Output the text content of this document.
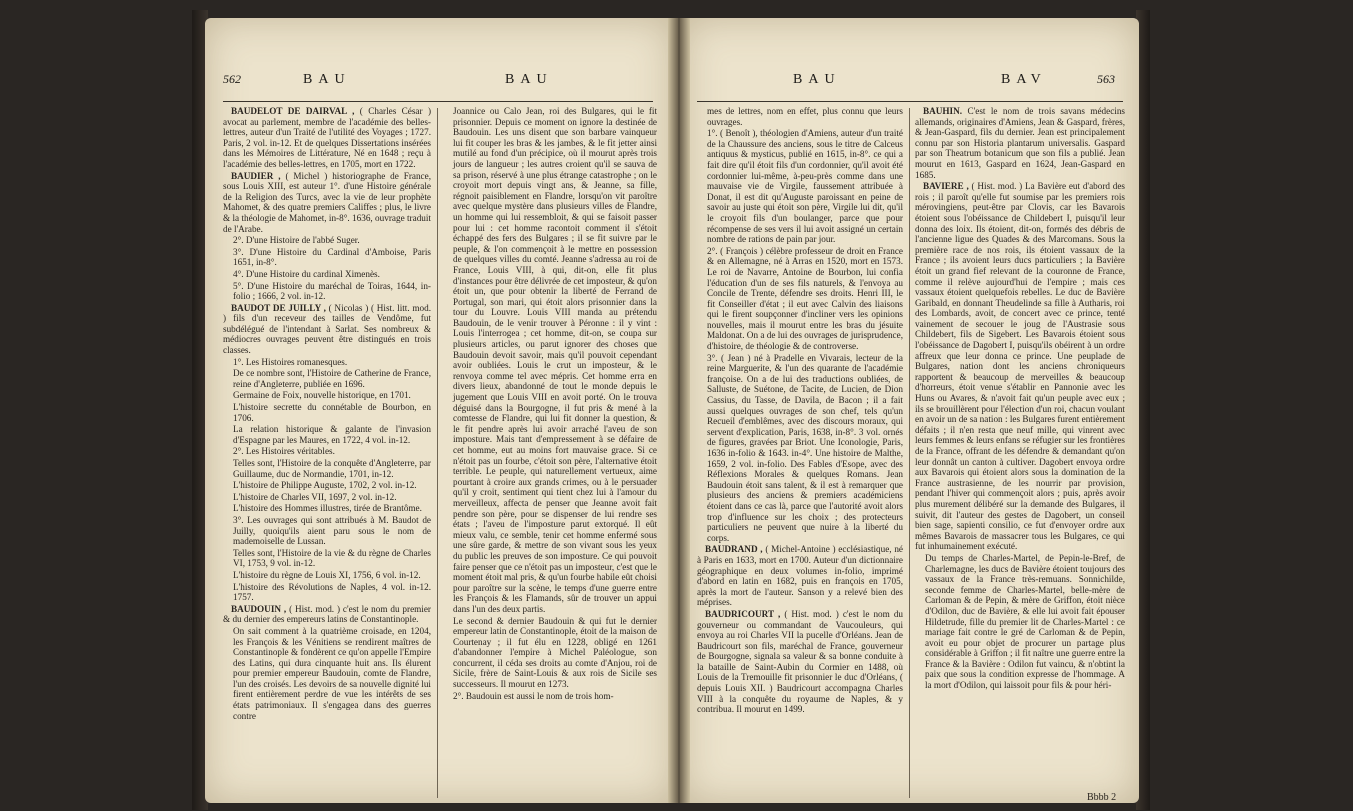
562	BAU	BAU

BAUDELOT DE DAIRVAL , ( Charles César ) avocat au parlement, membre de l'académie des belles-lettres, auteur d'un Traité de l'utilité des Voyages ; 1727. Paris, 2 vol. in-12. Et de quelques Dissertations insérées dans les Mémoires de Littérature, Né en 1648 ; reçu à l'académie des belles-lettres, en 1705, mort en 1722.

BAUDIER , ( Michel ) historiographe de France, sous Louis XIII, est auteur 1°. d'une Histoire générale de la Religion des Turcs, avec la vie de leur prophète Mahomet, & des quatre premiers Califfes ; plus, le livre & la théologie de Mahomet, in-8°. 1636, ouvrage traduit de l'Arabe.

2°. D'une Histoire de l'abbé Suger.

3°. D'une Histoire du Cardinal d'Amboise, Paris 1651, in-8°.

4°. D'une Histoire du cardinal Ximenès.

5°. D'une Histoire du maréchal de Toiras, 1644, in-folio ; 1666, 2 vol. in-12.

BAUDOT DE JUILLY , ( Nicolas ) ( Hist. litt. mod. ) fils d'un receveur des tailles de Vendôme, fut subdélégué de l'intendant à Sarlat. Ses nombreux & médiocres ouvrages peuvent être distingués en trois classes.

1°. Les Histoires romanesques.

De ce nombre sont, l'Histoire de Catherine de France, reine d'Angleterre, publiée en 1696.

Germaine de Foix, nouvelle historique, en 1701.

L'histoire secrette du connétable de Bourbon, en 1706.

La relation historique & galante de l'invasion d'Espagne par les Maures, en 1722, 4 vol. in-12.

2°. Les Histoires véritables.

Telles sont, l'Histoire de la conquête d'Angleterre, par Guillaume, duc de Normandie, 1701, in-12.

L'histoire de Philippe Auguste, 1702, 2 vol. in-12.

L'histoire de Charles VII, 1697, 2 vol. in-12.

L'histoire des Hommes illustres, tirée de Brantôme.

3°. Les ouvrages qui sont attribués à M. Baudot de Juilly, quoiqu'ils aient paru sous le nom de mademoiselle de Lussan.

Telles sont, l'Histoire de la vie & du règne de Charles VI, 1753, 9 vol. in-12.

L'histoire du règne de Louis XI, 1756, 6 vol. in-12.

L'histoire des Révolutions de Naples, 4 vol. in-12. 1757.

BAUDOUIN , ( Hist. mod. ) c'est le nom du premier & du dernier des empereurs latins de Constantinople.

On sait comment à la quatrième croisade, en 1204, les François & les Vénitiens se rendirent maîtres de Constantinople & fondèrent ce qu'on appelle l'Empire des Latins, qui dura cinquante huit ans. Ils élurent pour premier empereur Baudouin, comte de Flandre, l'un des croisés. Les devoirs de sa nouvelle dignité lui firent entièrement perdre de vue les intérêts de ses états patrimoniaux. Il s'engagea dans des guerres contre

Joannice ou Calo Jean, roi des Bulgares, qui le fit prisonnier. Depuis ce moment on ignore la destinée de Baudouin. Les uns disent que son barbare vainqueur lui fit couper les bras & les jambes, & le fit jetter ainsi mutilé au fond d'un précipice, où il mourut après trois jours de langueur ; les autres croient qu'il se sauva de sa prison, réservé à une plus étrange catastrophe ; on le croyoit mort depuis vingt ans, & Jeanne, sa fille, régnoit paisiblement en Flandre, lorsqu'on vit paroître avec quelque mystère dans plusieurs villes de Flandre, un homme qui lui ressembloit, & qui se faisoit passer pour lui : cet homme racontoit comment il s'étoit échappé des fers des Bulgares ; il se fit suivre par le peuple, & l'on commençoit à le mettre en possession de quelques villes du comté. Jeanne s'adressa au roi de France, Louis VIII, à qui, dit-on, elle fit plus d'instances pour être délivrée de cet imposteur, & qu'on étoit un, que pour obtenir la liberté de Ferrand de Portugal, son mari, qui étoit alors prisonnier dans la tour du Louvre. Louis VIII manda au prétendu Baudouin, de le venir trouver à Péronne : il y vint : Louis l'interrogea ; cet homme, dit-on, se coupa sur plusieurs articles, ou parut ignorer des choses que Baudouin devoit savoir, mais qu'il pouvoit cependant avoir oubliées. Louis le crut un imposteur, & le renvoya comme tel avec mépris. Cet homme erra en divers lieux, abandonné de tout le monde depuis le jugement que Louis VIII en avoit porté. On le trouva déguisé dans la Bourgogne, il fut pris & mené à la comtesse de Flandre, qui lui fit donner la question, & le fit pendre après lui avoir arraché l'aveu de son imposture. Mais tant d'empressement à se défaire de cet homme, eut au moins fort mauvaise grace. Si ce n'étoit pas un fourbe, c'étoit son père, l'alternative étoit terrible. Le peuple, qui naturellement vertueux, aime pourtant à croire aux grands crimes, ou à le persuader qu'il y croit, sentiment qui tient chez lui à l'amour du merveilleux, affecta de penser que Jeanne avoit fait pendre son père, pour se dispenser de lui rendre ses états ; l'aveu de l'imposture parut extorqué. Il eût mieux valu, ce semble, tenir cet homme enfermé sous une sûre garde, & mettre de son vivant sous les yeux du public les preuves de son imposture. Ce qui pouvoit faire penser que ce n'étoit pas un imposteur, c'est que le moment étoit mal pris, & qu'un fourbe habile eût choisi pour paroître sur la scène, le temps d'une guerre entre les François & les Flamands, sûr de trouver un appui dans l'un des deux partis.

Le second & dernier Baudouin & qui fut le dernier empereur latin de Constantinople, étoit de la maison de Courtenay ; il fut élu en 1228, obligé en 1261 d'abandonner l'empire à Michel Paléologue, son concurrent, il céda ses droits au comte d'Anjou, roi de Sicile, frère de Saint-Louis & aux rois de Sicile ses successeurs. Il mourut en 1273.

2°. Baudouin est aussi le nom de trois hom-

BAU	BAV	563

mes de lettres, nom en effet, plus connu que leurs ouvrages.

1°. ( Benoît ), théologien d'Amiens, auteur d'un traité de la Chaussure des anciens, sous le titre de Calceus antiquus & mysticus, publié en 1615, in-8°. ce qui a fait dire qu'il étoit fils d'un cordonnier, qu'il avoit été cordonnier lui-même, à-peu-près comme dans une mauvaise vie de Virgile, faussement attribuée à Donat, il est dit qu'Auguste paroissant en peine de savoir au juste qui étoit son père, Virgile lui dit, qu'il le croyoit fils d'un boulanger, parce que pour récompense de ses vers il lui avoit assigné un certain nombre de rations de pain par jour.

2°. ( François ) célèbre professeur de droit en France & en Allemagne, né à Arras en 1520, mort en 1573. Le roi de Navarre, Antoine de Bourbon, lui confia l'éducation d'un de ses fils naturels, & l'envoya au Concile de Trente, défendre ses droits. Henri III, le fit Conseiller d'état ; il eut avec Calvin des liaisons qui le firent soupçonner d'incliner vers les opinions nouvelles, mais il mourut entre les bras du jésuite Maldonat. On a de lui des ouvrages de jurisprudence, d'histoire, de théologie & de controverse.

3°. ( Jean ) né à Pradelle en Vivarais, lecteur de la reine Marguerite, & l'un des quarante de l'académie françoise. On a de lui des traductions oubliées, de Salluste, de Suétone, de Tacite, de Lucien, de Dion Cassius, du Tasse, de Davila, de Bacon ; il a fait aussi quelques ouvrages de son chef, tels qu'un Recueil d'emblêmes, avec des discours moraux, qui servent d'explication, Paris, 1638, in-8°. 3 vol. ornés de figures, gravées par Briot. Une Iconologie, Paris, 1636 in-folio & 1643. in-4°. Une histoire de Malthe, 1659, 2 vol. in-folio. Des Fables d'Esope, avec des Réflexions Morales & quelques Romans. Jean Baudouin étoit sans talent, & il est à remarquer que plusieurs des anciens & premiers académiciens étoient dans ce cas là, parce que l'autorité avoit alors trop d'influence sur les choix ; des protecteurs particuliers ne peuvent que nuire à la liberté du corps.

BAUDRAND , ( Michel-Antoine ) ecclésiastique, né à Paris en 1633, mort en 1700. Auteur d'un dictionnaire géographique en deux volumes in-folio, imprimé d'abord en latin en 1682, puis en françois en 1705, après la mort de l'auteur. Sanson y a relevé bien des méprises.

BAUDRICOURT , ( Hist. mod. ) c'est le nom du gouverneur ou commandant de Vaucouleurs, qui envoya au roi Charles VII la pucelle d'Orléans. Jean de Baudricourt son fils, maréchal de France, gouverneur de Bourgogne, signala sa valeur & sa bonne conduite à la bataille de Saint-Aubin du Cormier en 1488, où Louis de la Tremouille fit prisonnier le duc d'Orléans, ( depuis Louis XII. ) Baudricourt accompagna Charles VIII à la conquête du royaume de Naples, & y contribua. Il mourut en 1499.

BAUHIN. C'est le nom de trois savans médecins allemands, originaires d'Amiens, Jean & Gaspard, frères, & Jean-Gaspard, fils du dernier. Jean est principalement connu par son Historia plantarum universalis. Gaspard par son Theatrum botanicum que son fils a publié. Jean mourut en 1613, Gaspard en 1624, Jean-Gaspard en 1685.

BAVIERE , ( Hist. mod. ) La Bavière eut d'abord des rois ; il paroît qu'elle fut soumise par les premiers rois mérovingiens, peut-être par Clovis, car les Bavarois étoient sous l'obéissance de Childebert I, puisqu'il leur donna des loix. Ils étoient, dit-on, formés des débris de l'ancienne ligue des Quades & des Marcomans. Sous la première race de nos rois, ils étoient vassaux de la France ; ils avoient leurs ducs particuliers ; la Bavière étoit un grand fief relevant de la couronne de France, comme il relève aujourd'hui de l'empire ; mais ces vassaux étoient quelquefois rebelles. Le duc de Bavière Garibald, en donnant Theudelinde sa fille à Autharis, roi des Lombards, avoit, de concert avec ce prince, tenté vainement de secouer le joug de l'Austrasie sous Childebert, fils de Sigebert. Les Bavarois étoient sous l'obéissance de Dagobert I, puisqu'ils obéirent à un ordre affreux que leur donna ce prince. Une peuplade de Bulgares, nation dont les anciens chroniqueurs rapportent & beaucoup de merveilles & beaucoup d'horreurs, étoit venue s'établir en Pannonie avec les Huns ou Avares, & n'avoit fait qu'un peuple avec eux ; ils se brouillèrent pour l'élection d'un roi, chacun voulant en avoir un de sa nation : les Bulgares furent entièrement défaits ; il n'en resta que neuf mille, qui vinrent avec leurs femmes & leurs enfans se réfugier sur les frontières de la France, offrant de les défendre & demandant qu'on leur donnât un canton à cultiver. Dagobert envoya ordre aux Bavarois qui étoient alors sous la domination de la France austrasienne, de les nourrir par provision, pendant l'hiver qui commençoit alors ; puis, après avoir plus murement délibéré sur la demande des Bulgares, il suivit, dit l'auteur des gestes de Dagobert, un conseil bien sage, sapienti consilio, ce fut d'envoyer ordre aux mêmes Bavarois de massacrer tous les Bulgares, ce qui fut inhumainement exécuté.

Du temps de Charles-Martel, de Pepin-le-Bref, de Charlemagne, les ducs de Bavière étoient toujours des vassaux de la France très-remuans. Sonnichilde, seconde femme de Charles-Martel, belle-mère de Carloman & de Pepin, & mère de Griffon, étoit nièce d'Odilon, duc de Bavière, & elle lui avoit fait épouser Hildetrude, fille du premier lit de Charles-Martel : ce mariage fait contre le gré de Carloman & de Pepin, avoit eu pour objet de procurer un partage plus considérable à Griffon ; il fit naître une guerre entre la France & la Bavière : Odilon fut vaincu, & n'obtint la paix que sous la condition expresse de l'hommage. A la mort d'Odilon, qui laissoit pour fils & pour héri-

Bbbb 2
